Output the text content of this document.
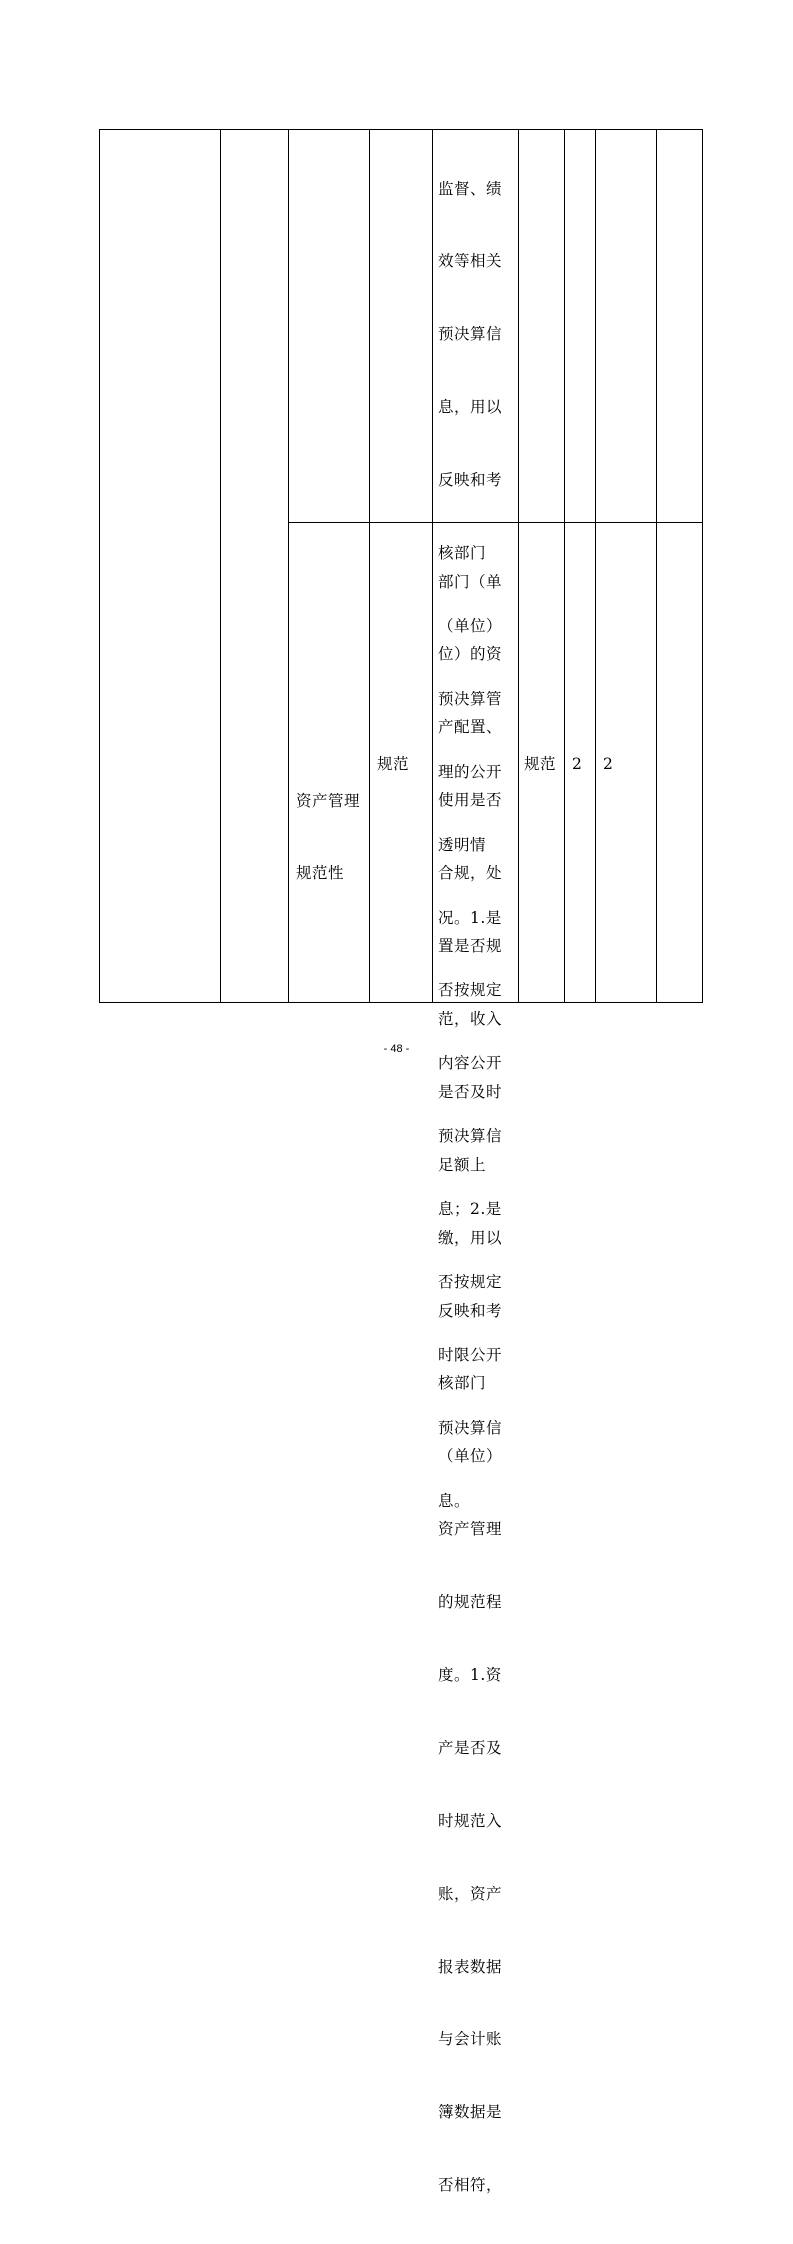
监督、绩

效等相关

预决算信

息，用以

反映和考

核部门

（单位）

预决算管

理的公开

透明情

况。1.是

否按规定

内容公开

预决算信

息；2.是

否按规定

时限公开

预决算信

息。

资产管理

规范性

规范

部门（单

位）的资

产配置、

使用是否

合规，处

置是否规

范，收入

是否及时

足额上

缴，用以

反映和考

核部门

（单位）

资产管理

的规范程

度。1.资

产是否及

时规范入

账，资产

报表数据

与会计账

簿数据是

否相符，

规范 2 2
- 48 -
